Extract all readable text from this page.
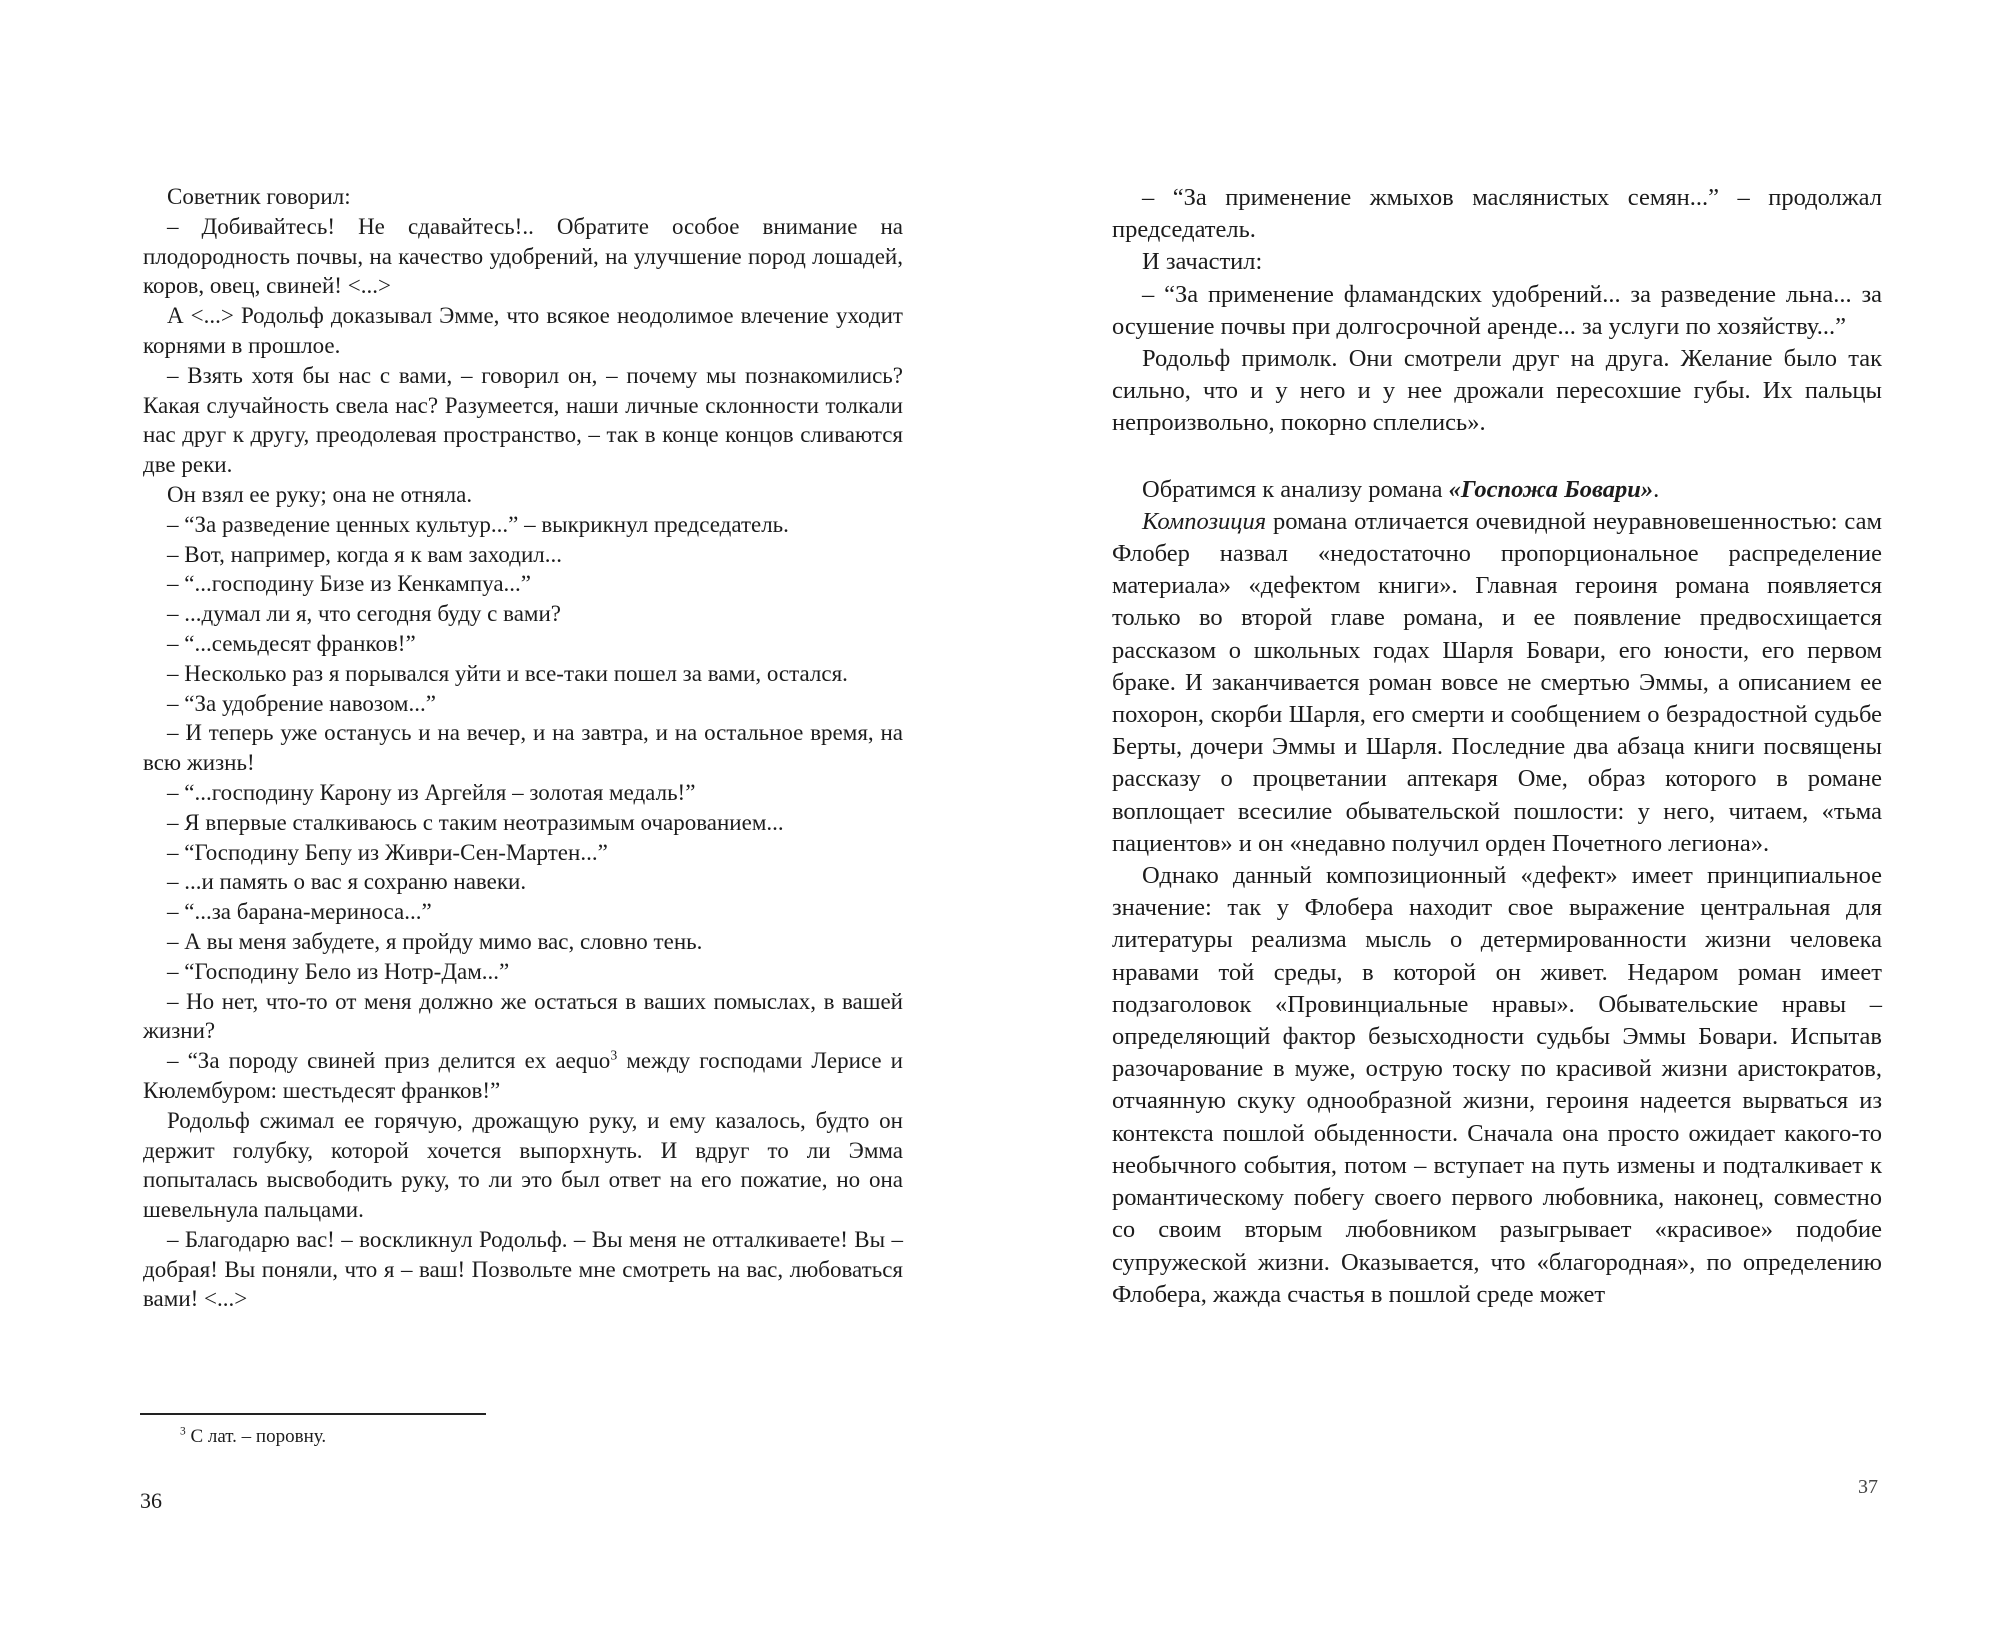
Советник говорил:

– Добивайтесь! Не сдавайтесь!.. Обратите особое внимание на плодородность почвы, на качество удобрений, на улучшение пород лошадей, коров, овец, свиней! <...>

А <...> Родольф доказывал Эмме, что всякое неодолимое влечение уходит корнями в прошлое.

– Взять хотя бы нас с вами, – говорил он, – почему мы познакомились? Какая случайность свела нас? Разумеется, наши личные склонности толкали нас друг к другу, преодолевая пространство, – так в конце концов сливаются две реки.

Он взял ее руку; она не отняла.

– “За разведение ценных культур...” – выкрикнул председатель.

– Вот, например, когда я к вам заходил...

– “...господину Бизе из Кенкампуа...”

– ...думал ли я, что сегодня буду с вами?

– “...семьдесят франков!”

– Несколько раз я порывался уйти и все-таки пошел за вами, остался.

– “За удобрение навозом...”

– И теперь уже останусь и на вечер, и на завтра, и на остальное время, на всю жизнь!

– “...господину Карону из Аргейля – золотая медаль!”

– Я впервые сталкиваюсь с таким неотразимым очарованием...

– “Господину Бепу из Живри-Сен-Мартен...”

– ...и память о вас я сохраню навеки.

– “...за барана-мериноса...”

– А вы меня забудете, я пройду мимо вас, словно тень.

– “Господину Бело из Нотр-Дам...”

– Но нет, что-то от меня должно же остаться в ваших помыслах, в вашей жизни?

– “За породу свиней приз делится ex aequo$^3$ между господами Лерисе и Кюлембуром: шестьдесят франков!”

Родольф сжимал ее горячую, дрожащую руку, и ему казалось, будто он держит голубку, которой хочется выпорхнуть. И вдруг то ли Эмма попыталась высвободить руку, то ли это был ответ на его пожатие, но она шевельнула пальцами.

– Благодарю вас! – воскликнул Родольф. – Вы меня не отталкиваете! Вы – добрая! Вы поняли, что я – ваш! Позвольте мне смотреть на вас, любоваться вами! <...>

$^3$ С лат. – поровну.
36

– “За применение жмыхов маслянистых семян...” – продолжал председатель.

И зачастил:

– “За применение фламандских удобрений... за разведение льна... за осушение почвы при долгосрочной аренде... за услуги по хозяйству...”

Родольф примолк. Они смотрели друг на друга. Желание было так сильно, что и у него и у нее дрожали пересохшие губы. Их пальцы непроизвольно, покорно сплелись».

Обратимся к анализу романа «Госпожа Бовари».

Композиция романа отличается очевидной неуравновешенностью: сам Флобер назвал «недостаточно пропорциональное распределение материала» «дефектом книги». Главная героиня романа появляется только во второй главе романа, и ее появление предвосхищается рассказом о школьных годах Шарля Бовари, его юности, его первом браке. И заканчивается роман вовсе не смертью Эммы, а описанием ее похорон, скорби Шарля, его смерти и сообщением о безрадостной судьбе Берты, дочери Эммы и Шарля. Последние два абзаца книги посвящены рассказу о процветании аптекаря Оме, образ которого в романе воплощает всесилие обывательской пошлости: у него, читаем, «тьма пациентов» и он «недавно получил орден Почетного легиона».

Однако данный композиционный «дефект» имеет принципиальное значение: так у Флобера находит свое выражение центральная для литературы реализма мысль о детермированности жизни человека нравами той среды, в которой он живет. Недаром роман имеет подзаголовок «Провинциальные нравы». Обывательские нравы – определяющий фактор безысходности судьбы Эммы Бовари. Испытав разочарование в муже, острую тоску по красивой жизни аристократов, отчаянную скуку однообразной жизни, героиня надеется вырваться из контекста пошлой обыденности. Сначала она просто ожидает какого-то необычного события, потом – вступает на путь измены и подталкивает к романтическому побегу своего первого любовника, наконец, совместно со своим вторым любовником разыгрывает «красивое» подобие супружеской жизни. Оказывается, что «благородная», по определению Флобера, жажда счастья в пошлой среде может

37
